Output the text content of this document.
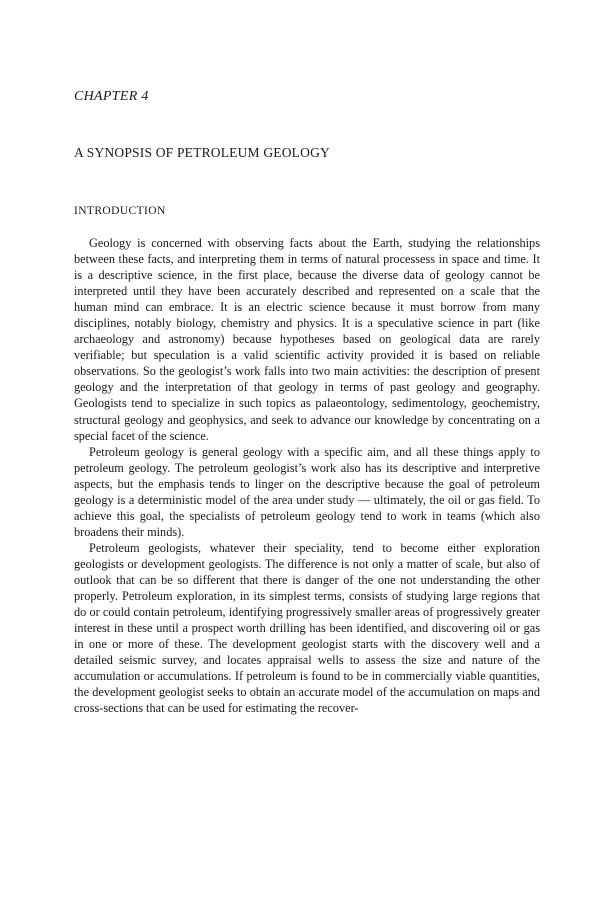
CHAPTER 4
A SYNOPSIS OF PETROLEUM GEOLOGY
INTRODUCTION

Geology is concerned with observing facts about the Earth, studying the relationships between these facts, and interpreting them in terms of natural processess in space and time. It is a descriptive science, in the first place, because the diverse data of geology cannot be interpreted until they have been accurately described and represented on a scale that the human mind can embrace. It is an electric science because it must borrow from many disciplines, notably biology, chemistry and physics. It is a speculative science in part (like archaeology and astronomy) because hypotheses based on geological data are rarely verifiable; but speculation is a valid scientific activity provided it is based on reliable observations. So the geologist’s work falls into two main activities: the description of present geology and the interpretation of that geology in terms of past geology and geography. Geologists tend to specialize in such topics as palaeontology, sedimentology, geochemistry, structural geology and geophysics, and seek to advance our knowledge by concentrating on a special facet of the science.

Petroleum geology is general geology with a specific aim, and all these things apply to petroleum geology. The petroleum geologist’s work also has its descriptive and interpretive aspects, but the emphasis tends to linger on the descriptive because the goal of petroleum geology is a deterministic model of the area under study — ultimately, the oil or gas field. To achieve this goal, the specialists of petroleum geology tend to work in teams (which also broadens their minds).

Petroleum geologists, whatever their speciality, tend to become either exploration geologists or development geologists. The difference is not only a matter of scale, but also of outlook that can be so different that there is danger of the one not understanding the other properly. Petroleum exploration, in its simplest terms, consists of studying large regions that do or could contain petroleum, identifying progressively smaller areas of progressively greater interest in these until a prospect worth drilling has been identified, and discovering oil or gas in one or more of these. The development geologist starts with the discovery well and a detailed seismic survey, and locates appraisal wells to assess the size and nature of the accumulation or accumulations. If petroleum is found to be in commercially viable quantities, the development geologist seeks to obtain an accurate model of the accumulation on maps and cross-sections that can be used for estimating the recover-
